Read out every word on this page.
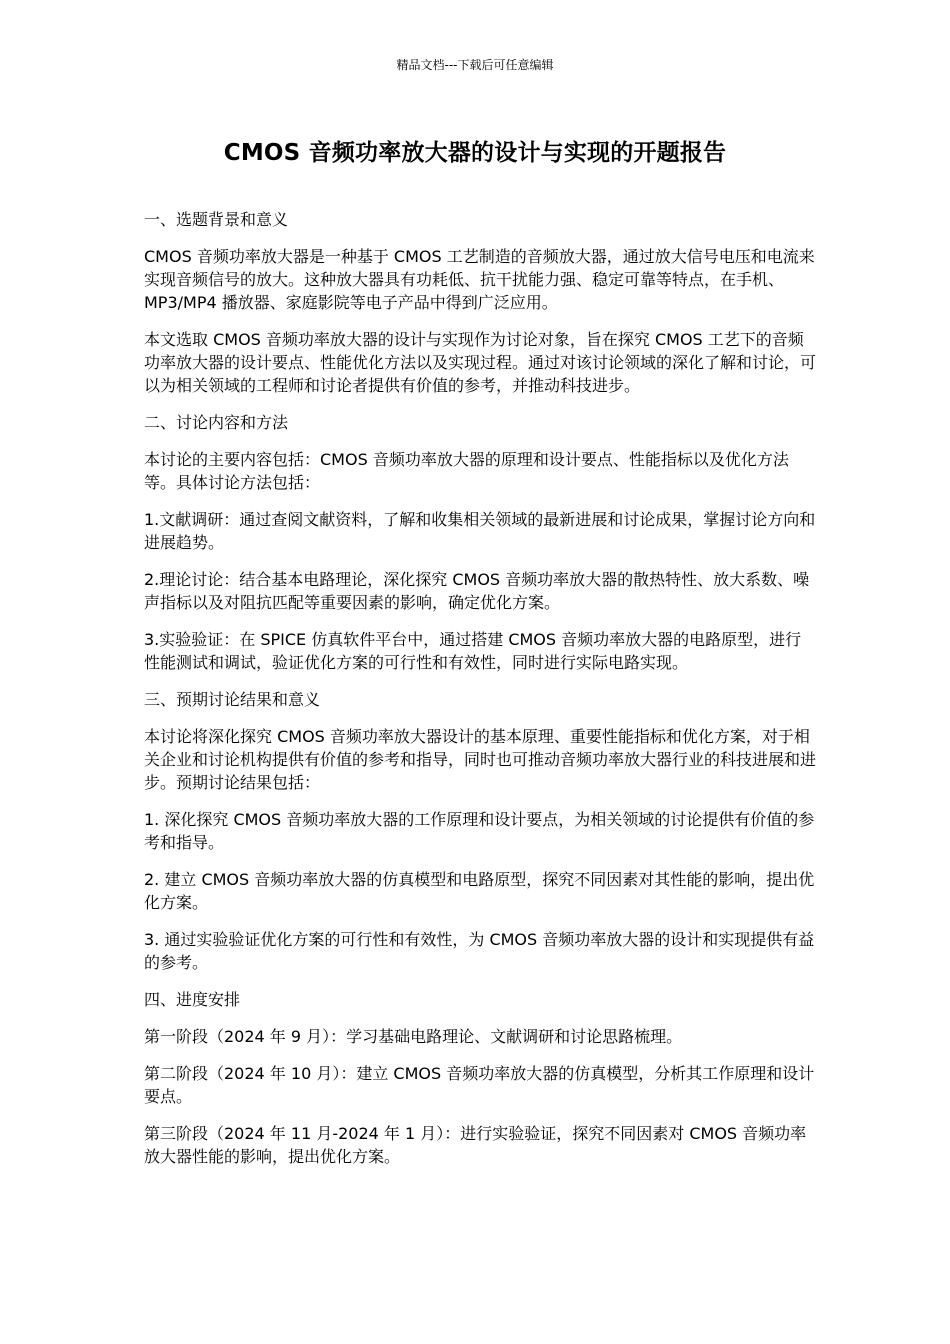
精品文档---下载后可任意编辑
CMOS 音频功率放大器的设计与实现的开题报告

一、选题背景和意义

CMOS 音频功率放大器是一种基于 CMOS 工艺制造的音频放大器，通过放大信号电压和电流来实现音频信号的放大。这种放大器具有功耗低、抗干扰能力强、稳定可靠等特点，在手机、MP3/MP4 播放器、家庭影院等电子产品中得到广泛应用。

本文选取 CMOS 音频功率放大器的设计与实现作为讨论对象，旨在探究 CMOS 工艺下的音频功率放大器的设计要点、性能优化方法以及实现过程。通过对该讨论领域的深化了解和讨论，可以为相关领域的工程师和讨论者提供有价值的参考，并推动科技进步。

二、讨论内容和方法

本讨论的主要内容包括：CMOS 音频功率放大器的原理和设计要点、性能指标以及优化方法等。具体讨论方法包括：

1.文献调研：通过查阅文献资料，了解和收集相关领域的最新进展和讨论成果，掌握讨论方向和进展趋势。

2.理论讨论：结合基本电路理论，深化探究 CMOS 音频功率放大器的散热特性、放大系数、噪声指标以及对阻抗匹配等重要因素的影响，确定优化方案。

3.实验验证：在 SPICE 仿真软件平台中，通过搭建 CMOS 音频功率放大器的电路原型，进行性能测试和调试，验证优化方案的可行性和有效性，同时进行实际电路实现。

三、预期讨论结果和意义

本讨论将深化探究 CMOS 音频功率放大器设计的基本原理、重要性能指标和优化方案，对于相关企业和讨论机构提供有价值的参考和指导，同时也可推动音频功率放大器行业的科技进展和进步。预期讨论结果包括：

1. 深化探究 CMOS 音频功率放大器的工作原理和设计要点，为相关领域的讨论提供有价值的参考和指导。

2. 建立 CMOS 音频功率放大器的仿真模型和电路原型，探究不同因素对其性能的影响，提出优化方案。

3. 通过实验验证优化方案的可行性和有效性，为 CMOS 音频功率放大器的设计和实现提供有益的参考。

四、进度安排

第一阶段（2024 年 9 月）：学习基础电路理论、文献调研和讨论思路梳理。

第二阶段（2024 年 10 月）：建立 CMOS 音频功率放大器的仿真模型，分析其工作原理和设计要点。

第三阶段（2024 年 11 月-2024 年 1 月）：进行实验验证，探究不同因素对 CMOS 音频功率放大器性能的影响，提出优化方案。
